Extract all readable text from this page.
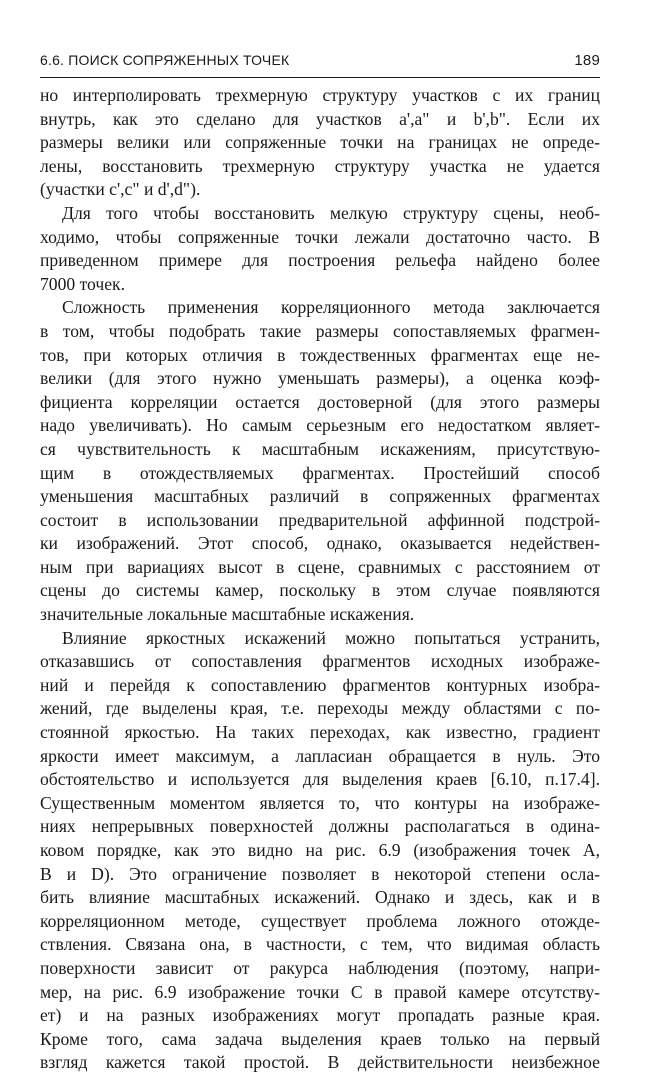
6.6. ПОИСК СОПРЯЖЕННЫХ ТОЧЕК	189
но интерполировать трехмерную структуру участков с их границ
внутрь, как это сделано для участков a',a" и b',b". Если их
размеры велики или сопряженные точки на границах не опреде-
лены, восстановить трехмерную структуру участка не удается
(участки c',c" и d',d").
Для того чтобы восстановить мелкую структуру сцены, необ-
ходимо, чтобы сопряженные точки лежали достаточно часто. В
приведенном примере для построения рельефа найдено более
7000 точек.
Сложность применения корреляционного метода заключается
в том, чтобы подобрать такие размеры сопоставляемых фрагмен-
тов, при которых отличия в тождественных фрагментах еще не-
велики (для этого нужно уменьшать размеры), а оценка коэф-
фициента корреляции остается достоверной (для этого размеры
надо увеличивать). Но самым серьезным его недостатком являет-
ся чувствительность к масштабным искажениям, присутствую-
щим в отождествляемых фрагментах. Простейший способ
уменьшения масштабных различий в сопряженных фрагментах
состоит в использовании предварительной аффинной подстрой-
ки изображений. Этот способ, однако, оказывается недействен-
ным при вариациях высот в сцене, сравнимых с расстоянием от
сцены до системы камер, поскольку в этом случае появляются
значительные локальные масштабные искажения.
Влияние яркостных искажений можно попытаться устранить,
отказавшись от сопоставления фрагментов исходных изображе-
ний и перейдя к сопоставлению фрагментов контурных изобра-
жений, где выделены края, т.е. переходы между областями с по-
стоянной яркостью. На таких переходах, как известно, градиент
яркости имеет максимум, а лапласиан обращается в нуль. Это
обстоятельство и используется для выделения краев [6.10, п.17.4].
Существенным моментом является то, что контуры на изображе-
ниях непрерывных поверхностей должны располагаться в одина-
ковом порядке, как это видно на рис. 6.9 (изображения точек A,
B и D). Это ограничение позволяет в некоторой степени осла-
бить влияние масштабных искажений. Однако и здесь, как и в
корреляционном методе, существует проблема ложного отожде-
ствления. Связана она, в частности, с тем, что видимая область
поверхности зависит от ракурса наблюдения (поэтому, напри-
мер, на рис. 6.9 изображение точки C в правой камере отсутству-
ет) и на разных изображениях могут пропадать разные края.
Кроме того, сама задача выделения краев только на первый
взгляд кажется такой простой. В действительности неизбежное
